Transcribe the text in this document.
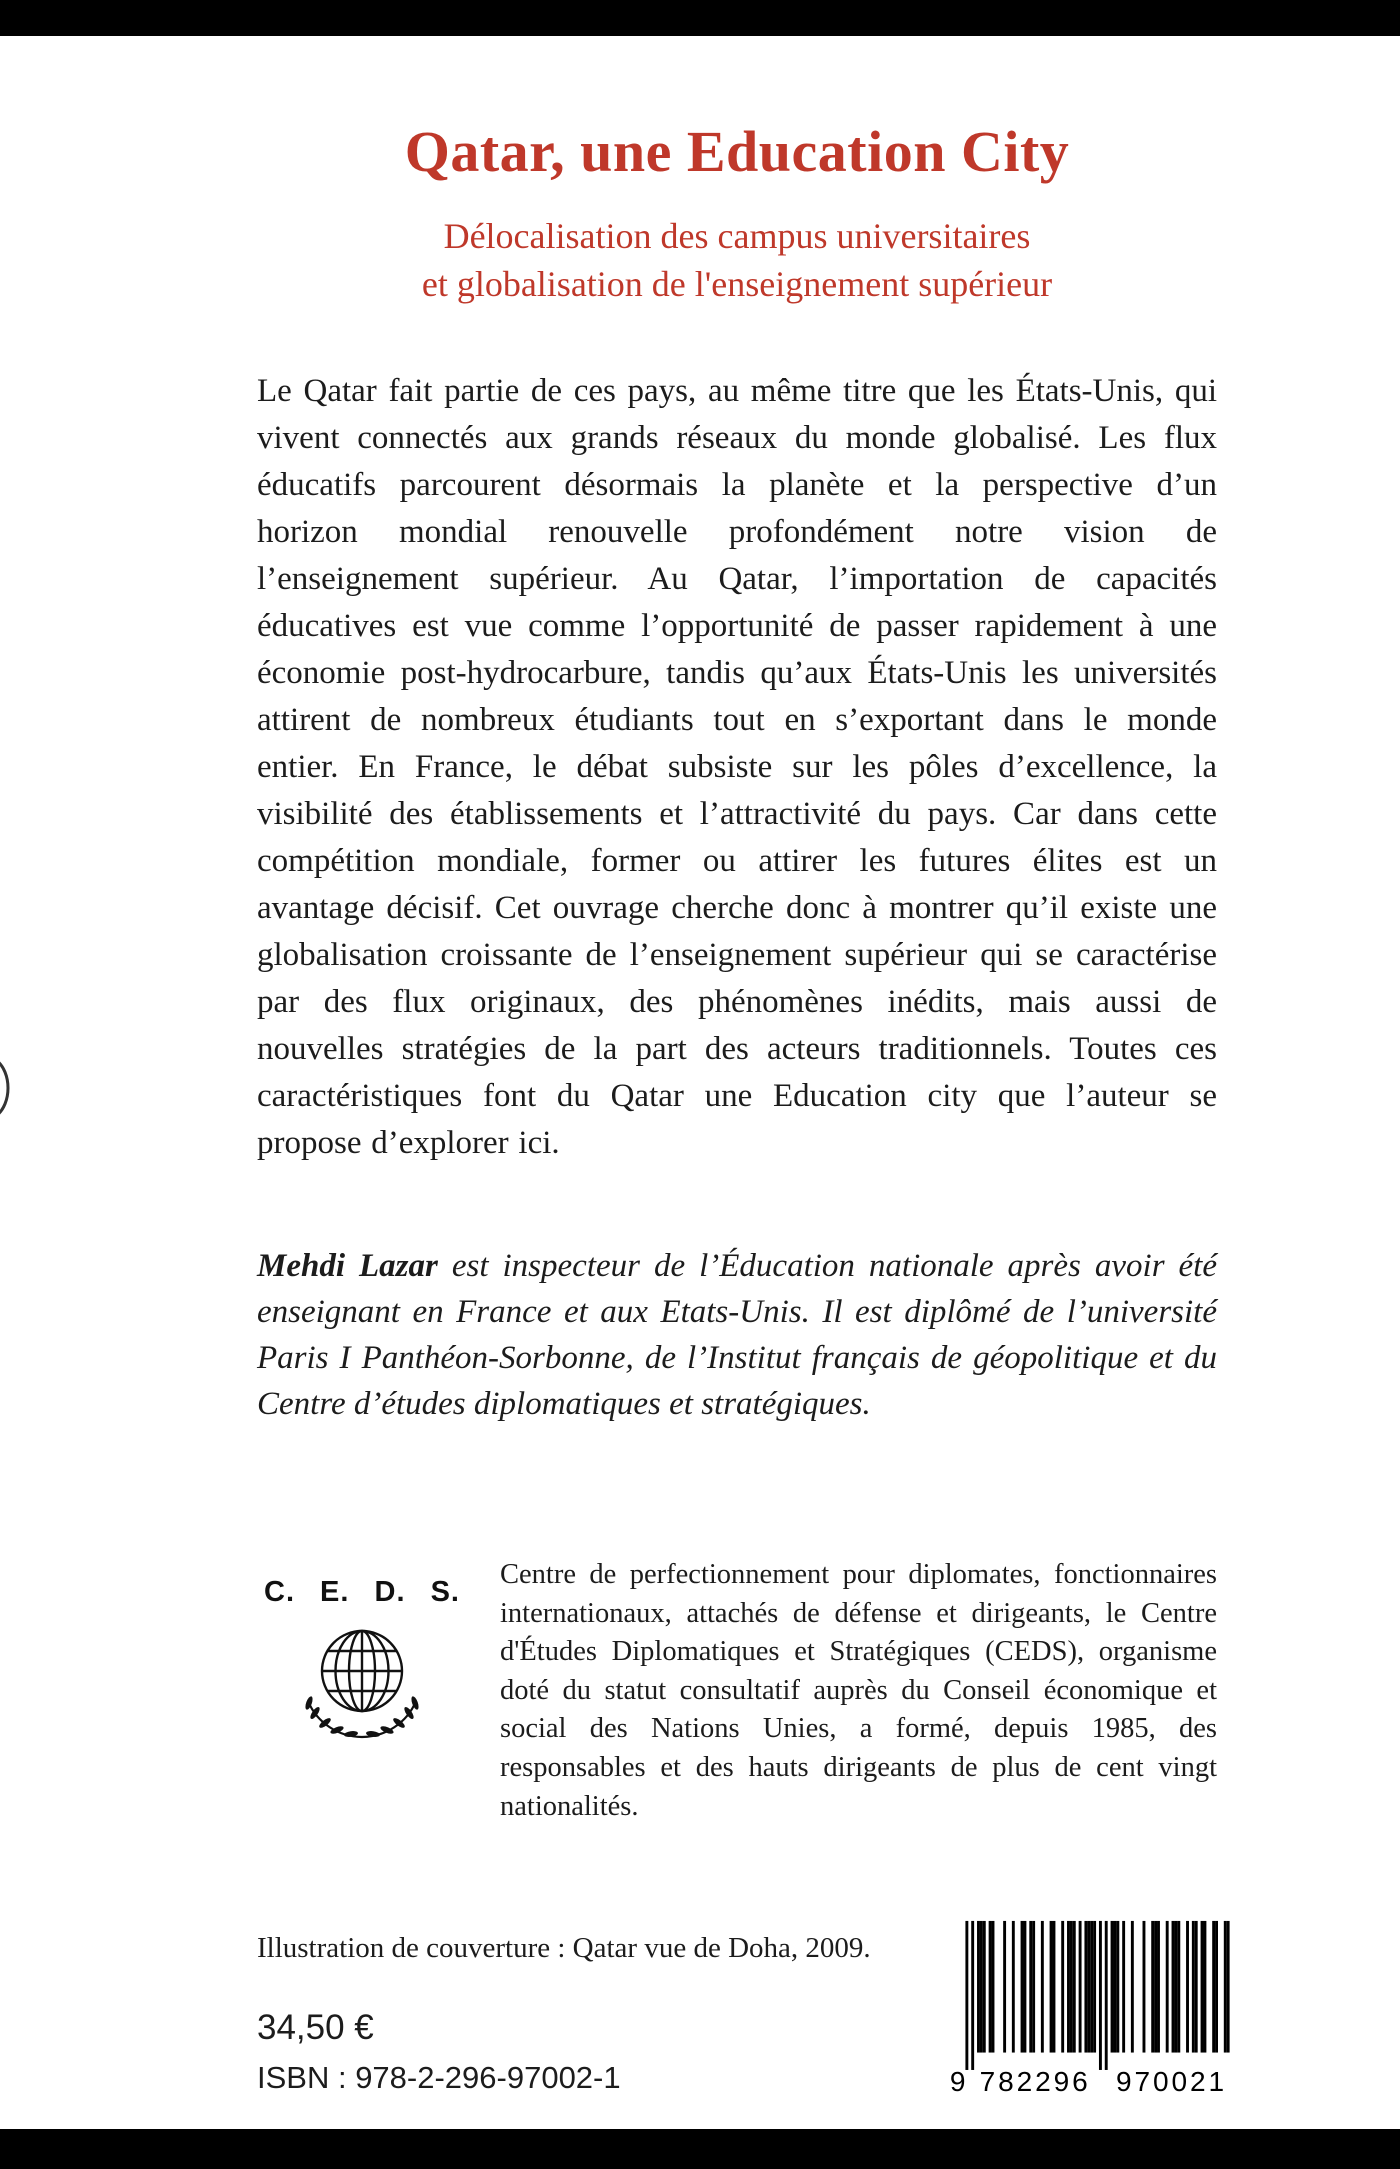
Qatar, une Education City
Délocalisation des campus universitaires
et globalisation de l'enseignement supérieur

Le Qatar fait partie de ces pays, au même titre que les États-Unis, qui vivent connectés aux grands réseaux du monde globalisé. Les flux éducatifs parcourent désormais la planète et la perspective d’un horizon mondial renouvelle profondément notre vision de l’enseignement supérieur. Au Qatar, l’importation de capacités éducatives est vue comme l’opportunité de passer rapidement à une économie post-hydrocarbure, tandis qu’aux États-Unis les universités attirent de nombreux étudiants tout en s’exportant dans le monde entier. En France, le débat subsiste sur les pôles d’excellence, la visibilité des établissements et l’attractivité du pays. Car dans cette compétition mondiale, former ou attirer les futures élites est un avantage décisif. Cet ouvrage cherche donc à montrer qu’il existe une globalisation croissante de l’enseignement supérieur qui se caractérise par des flux originaux, des phénomènes inédits, mais aussi de nouvelles stratégies de la part des acteurs traditionnels. Toutes ces caractéristiques font du Qatar une Education city que l’auteur se propose d’explorer ici.

Mehdi Lazar est inspecteur de l’Éducation nationale après avoir été enseignant en France et aux Etats-Unis. Il est diplômé de l’université Paris I Panthéon-Sorbonne, de l’Institut français de géopolitique et du Centre d’études diplomatiques et stratégiques.

C. E. D. S.

Centre de perfectionnement pour diplomates, fonctionnaires internationaux, attachés de défense et dirigeants, le Centre d'Études Diplomatiques et Stratégiques (CEDS), organisme doté du statut consultatif auprès du Conseil économique et social des Nations Unies, a formé, depuis 1985, des responsables et des hauts dirigeants de plus de cent vingt nationalités.

Illustration de couverture : Qatar vue de Doha, 2009.

34,50 €

ISBN : 978-2-296-97002-1	9 782296 970021
